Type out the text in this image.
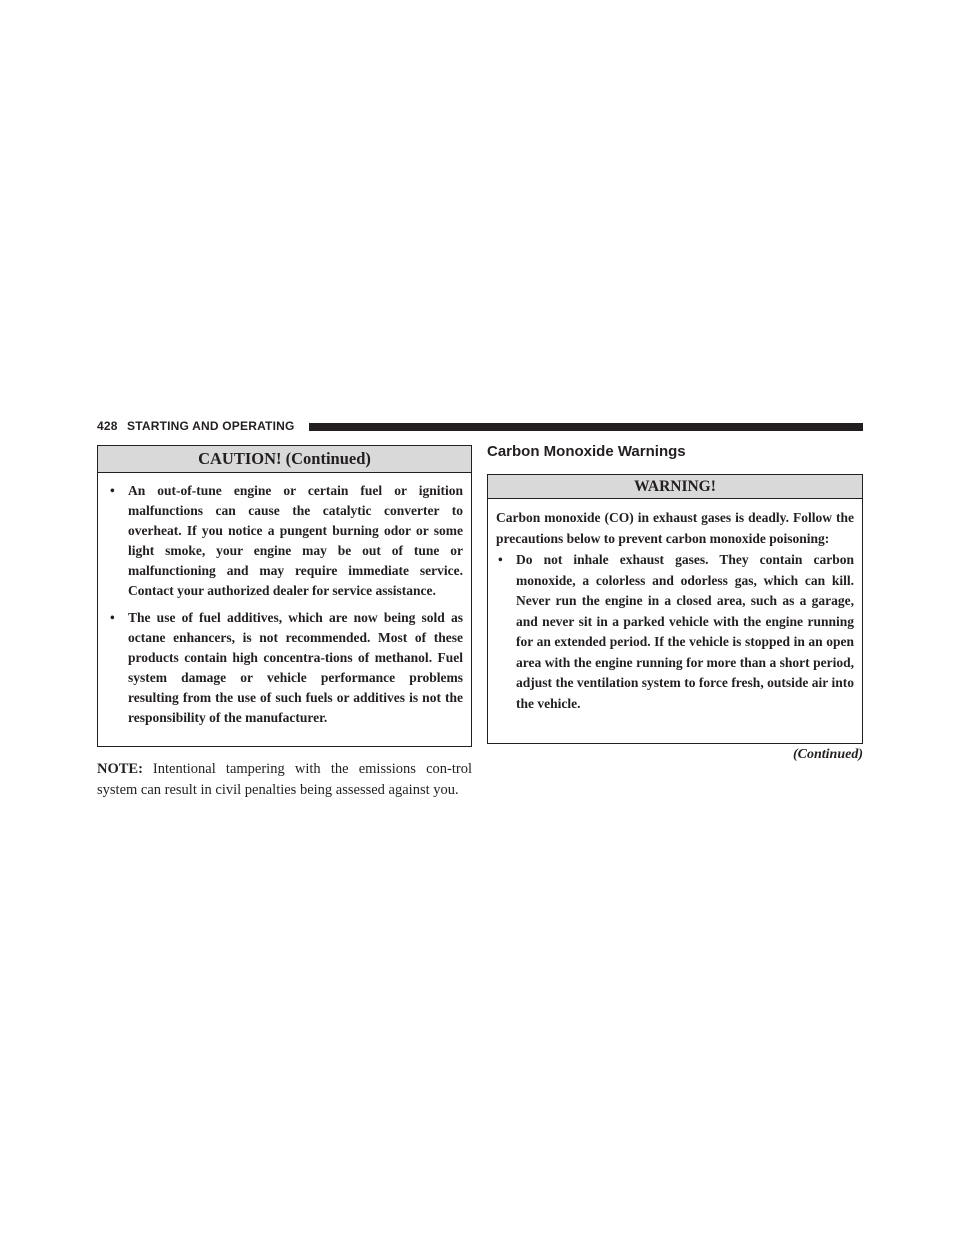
428 STARTING AND OPERATING
CAUTION! (Continued)
• An out-of-tune engine or certain fuel or ignition malfunctions can cause the catalytic converter to overheat. If you notice a pungent burning odor or some light smoke, your engine may be out of tune or malfunctioning and may require immediate service. Contact your authorized dealer for service assistance.
• The use of fuel additives, which are now being sold as octane enhancers, is not recommended. Most of these products contain high concentra-tions of methanol. Fuel system damage or vehicle performance problems resulting from the use of such fuels or additives is not the responsibility of the manufacturer.
NOTE: Intentional tampering with the emissions con-trol system can result in civil penalties being assessed against you.
Carbon Monoxide Warnings
WARNING!
Carbon monoxide (CO) in exhaust gases is deadly. Follow the precautions below to prevent carbon monoxide poisoning:
• Do not inhale exhaust gases. They contain carbon monoxide, a colorless and odorless gas, which can kill. Never run the engine in a closed area, such as a garage, and never sit in a parked vehicle with the engine running for an extended period. If the vehicle is stopped in an open area with the engine running for more than a short period, adjust the ventilation system to force fresh, outside air into the vehicle.
(Continued)
